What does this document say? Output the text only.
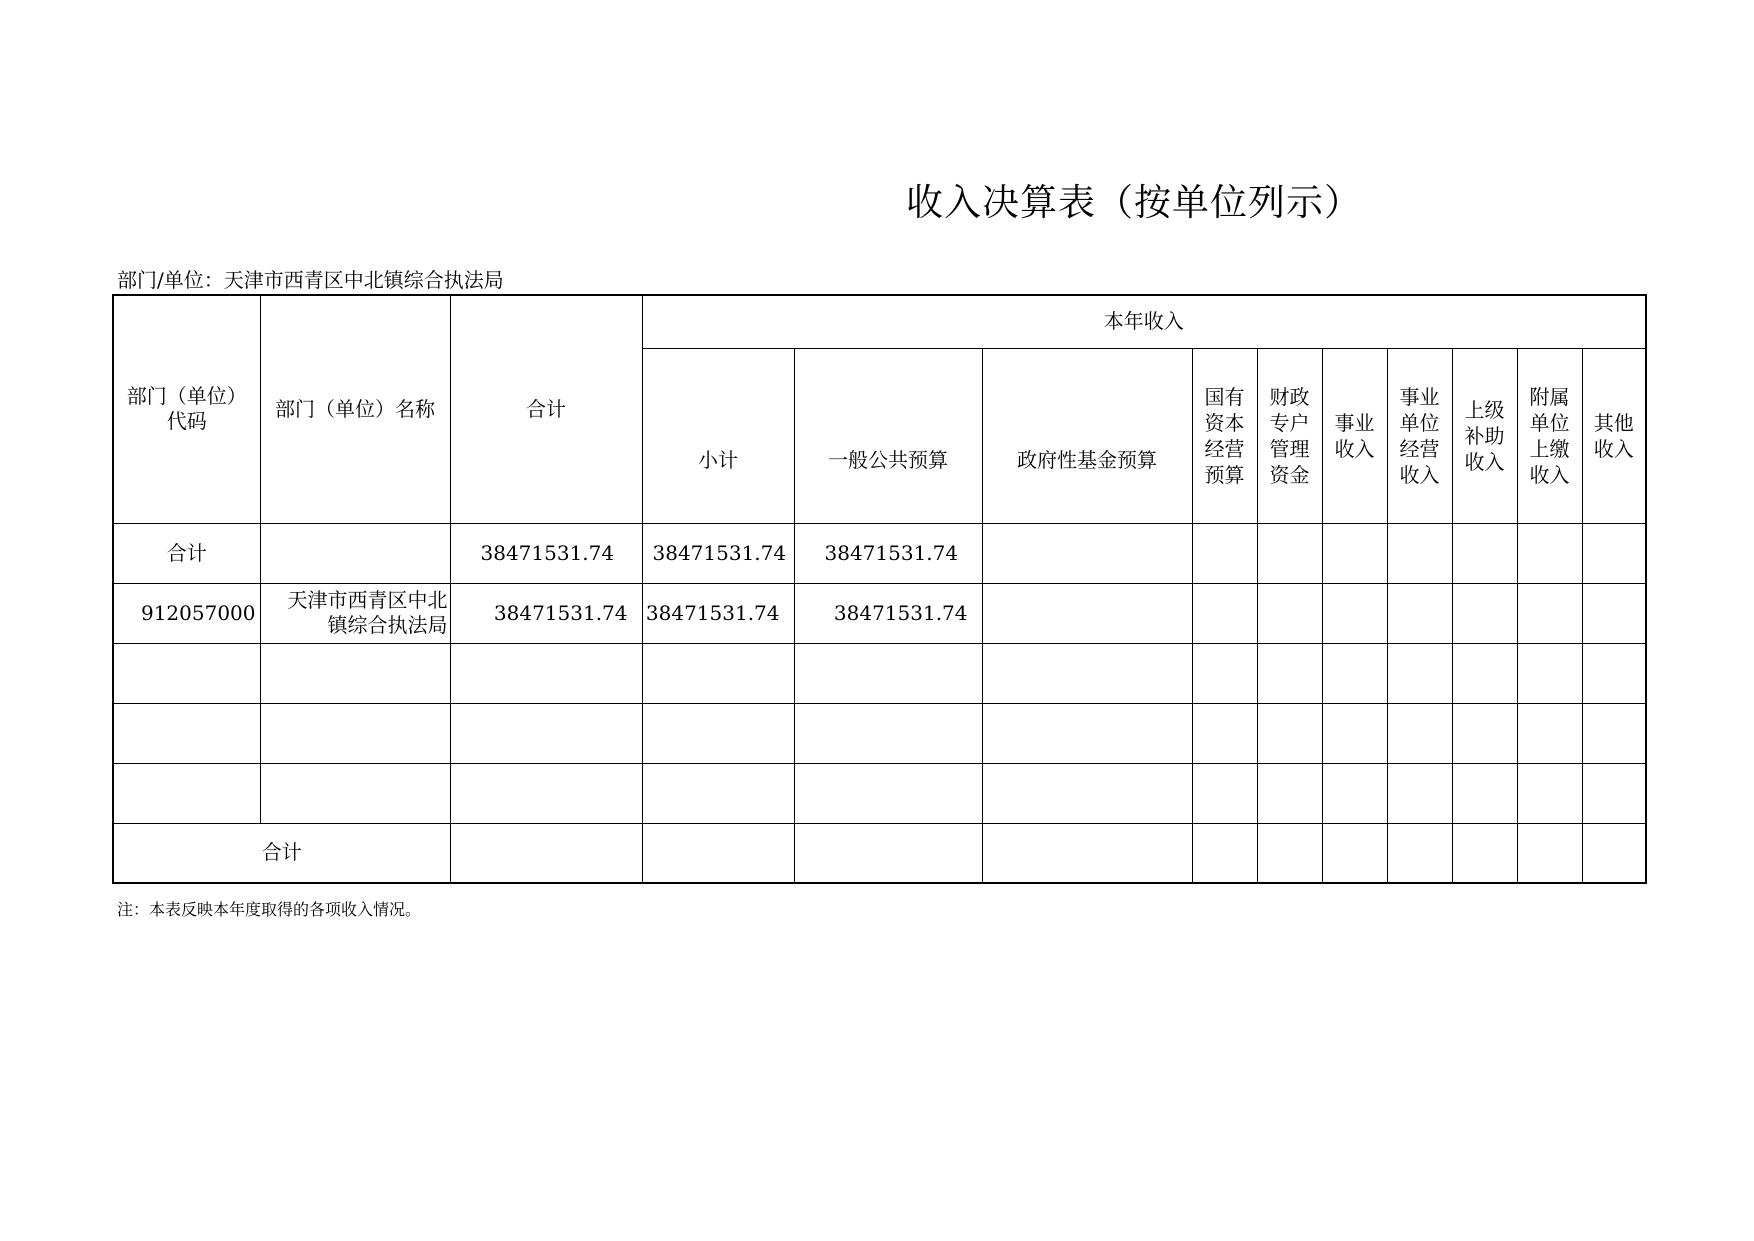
收入决算表（按单位列示）
部门/单位：天津市西青区中北镇综合执法局
部门（单位）代码	部门（单位）名称	合计	本年收入									
			小计	一般公共预算	政府性基金预算	国有资本经营预算	财政专户管理资金	事业收入	事业单位经营收入	上级补助收入	附属单位上缴收入	其他收入

合计		38471531.74	38471531.74	38471531.74								
912057000	天津市西青区中北镇综合执法局	38471531.74	38471531.74	38471531.74								

合计												
注：本表反映本年度取得的各项收入情况。
